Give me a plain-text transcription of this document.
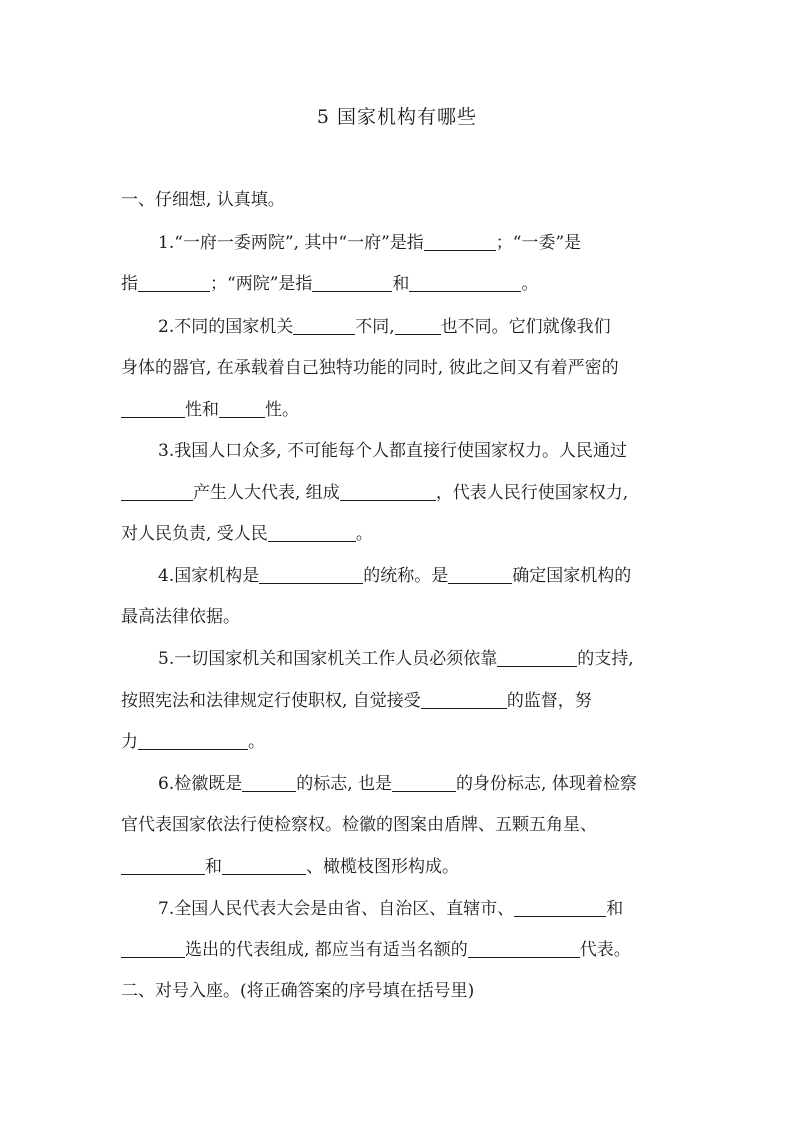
5 国家机构有哪些
一、仔细想, 认真填。
1.“一府一委两院”, 其中“一府”是指	；“一委”是
指	；“两院”是指	和	。
2.不同的国家机关	不同,	也不同。它们就像我们
身体的器官, 在承载着自己独特功能的同时, 彼此之间又有着严密的
性和	性。
3.我国人口众多, 不可能每个人都直接行使国家权力。人民通过
产生人大代表, 组成	，代表人民行使国家权力,
对人民负责, 受人民	。
4.国家机构是	的统称。是	确定国家机构的
最高法律依据。
5.一切国家机关和国家机关工作人员必须依靠	的支持,
按照宪法和法律规定行使职权, 自觉接受	的监督，努
力	。
6.检徽既是	的标志, 也是	的身份标志, 体现着检察
官代表国家依法行使检察权。检徽的图案由盾牌、五颗五角星、
和	、橄榄枝图形构成。
7.全国人民代表大会是由省、自治区、直辖市、	和
选出的代表组成, 都应当有适当名额的	代表。
二、对号入座。(将正确答案的序号填在括号里)
